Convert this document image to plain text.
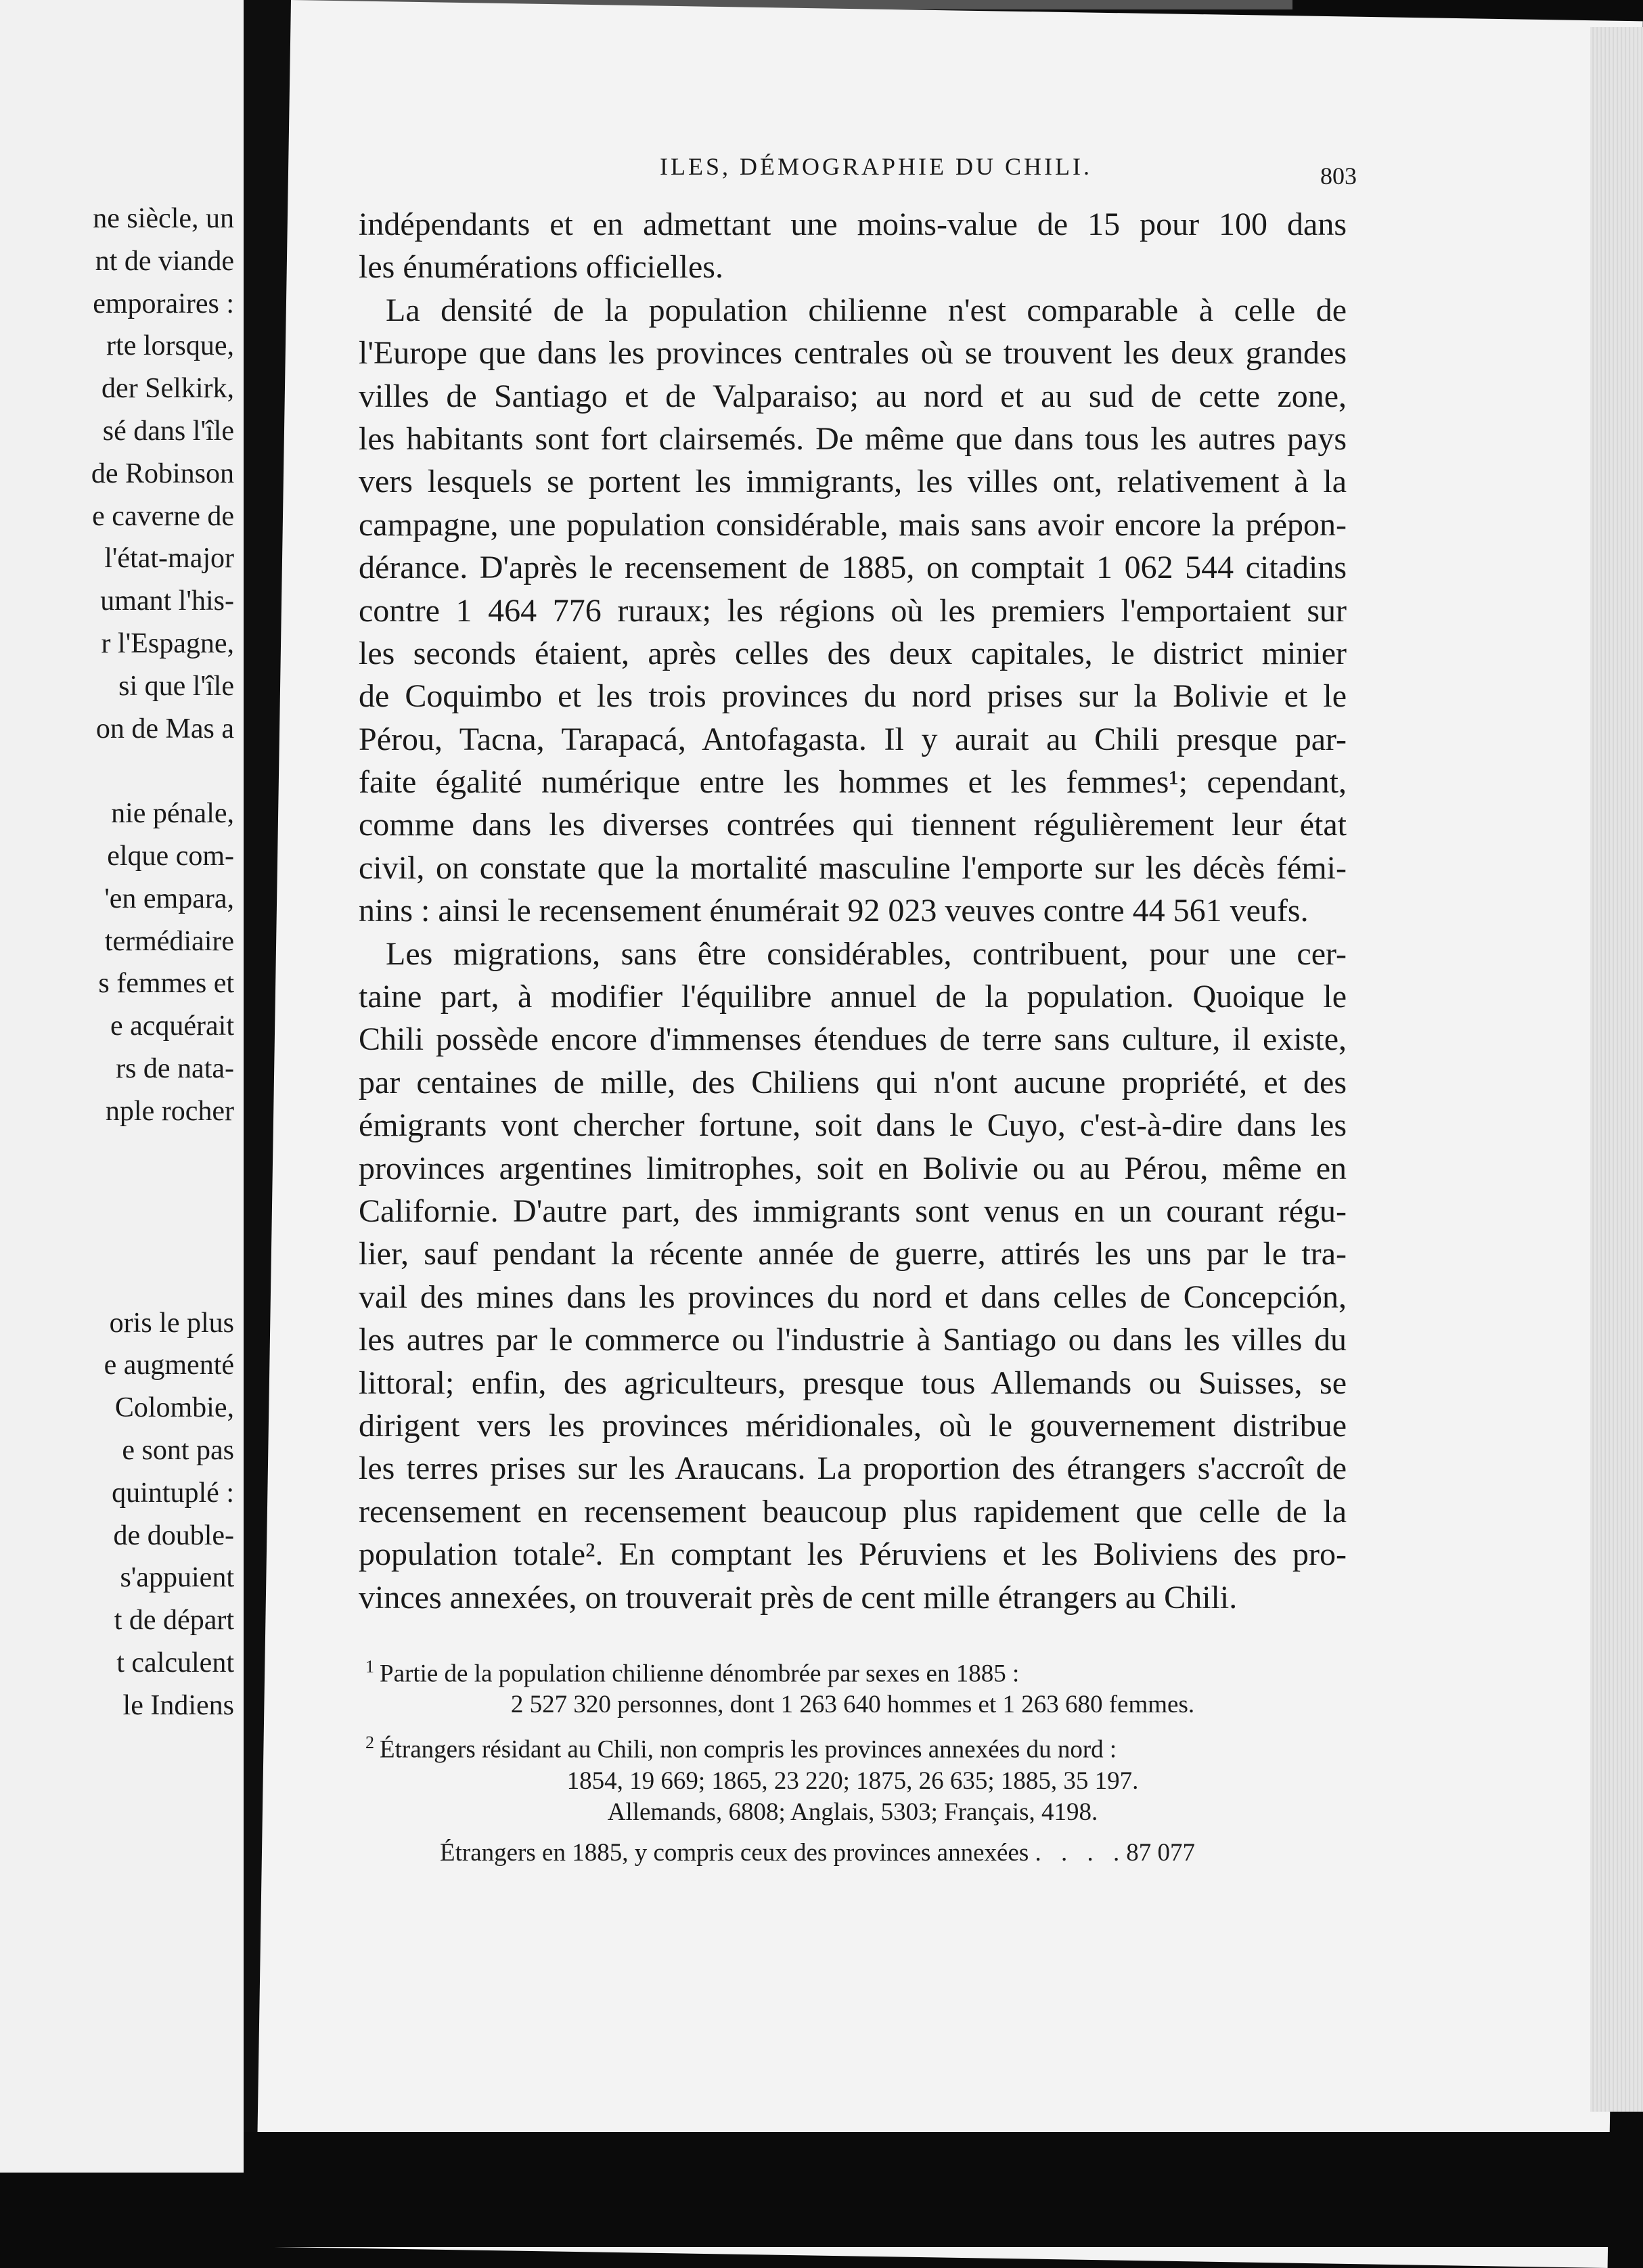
ne siècle, un
nt de viande
emporaires :
rte lorsque,
der Selkirk,
sé dans l'île
de Robinson
e caverne de
l'état-major
umant l'his-
r l'Espagne,
si que l'île
on de Mas a
nie pénale,
elque com-
'en empara,
termédiaire
s femmes et
e acquérait
rs de nata-
nple rocher
oris le plus
e augmenté
Colombie,
e sont pas
quintuplé :
de double-
s'appuient
t de départ
t calculent
le Indiens
ILES, DÉMOGRAPHIE DU CHILI.	803
indépendants et en admettant une moins-value de 15 pour 100 dans
les énumérations officielles.
La densité de la population chilienne n'est comparable à celle de
l'Europe que dans les provinces centrales où se trouvent les deux grandes
villes de Santiago et de Valparaiso; au nord et au sud de cette zone,
les habitants sont fort clairsemés. De même que dans tous les autres pays
vers lesquels se portent les immigrants, les villes ont, relativement à la
campagne, une population considérable, mais sans avoir encore la prépon-
dérance. D'après le recensement de 1885, on comptait 1 062 544 citadins
contre 1 464 776 ruraux; les régions où les premiers l'emportaient sur
les seconds étaient, après celles des deux capitales, le district minier
de Coquimbo et les trois provinces du nord prises sur la Bolivie et le
Pérou, Tacna, Tarapacá, Antofagasta. Il y aurait au Chili presque par-
faite égalité numérique entre les hommes et les femmes¹; cependant,
comme dans les diverses contrées qui tiennent régulièrement leur état
civil, on constate que la mortalité masculine l'emporte sur les décès fémi-
nins : ainsi le recensement énumérait 92 023 veuves contre 44 561 veufs.
Les migrations, sans être considérables, contribuent, pour une cer-
taine part, à modifier l'équilibre annuel de la population. Quoique le
Chili possède encore d'immenses étendues de terre sans culture, il existe,
par centaines de mille, des Chiliens qui n'ont aucune propriété, et des
émigrants vont chercher fortune, soit dans le Cuyo, c'est-à-dire dans les
provinces argentines limitrophes, soit en Bolivie ou au Pérou, même en
Californie. D'autre part, des immigrants sont venus en un courant régu-
lier, sauf pendant la récente année de guerre, attirés les uns par le tra-
vail des mines dans les provinces du nord et dans celles de Concepción,
les autres par le commerce ou l'industrie à Santiago ou dans les villes du
littoral; enfin, des agriculteurs, presque tous Allemands ou Suisses, se
dirigent vers les provinces méridionales, où le gouvernement distribue
les terres prises sur les Araucans. La proportion des étrangers s'accroît de
recensement en recensement beaucoup plus rapidement que celle de la
population totale². En comptant les Péruviens et les Boliviens des pro-
vinces annexées, on trouverait près de cent mille étrangers au Chili.
$^1$ Partie de la population chilienne dénombrée par sexes en 1885 :
2 527 320 personnes, dont 1 263 640 hommes et 1 263 680 femmes.
$^2$ Étrangers résidant au Chili, non compris les provinces annexées du nord :
1854, 19 669; 1865, 23 220; 1875, 26 635; 1885, 35 197.
Allemands, 6808; Anglais, 5303; Français, 4198.
Étrangers en 1885, y compris ceux des provinces annexées . . . . 87 077
